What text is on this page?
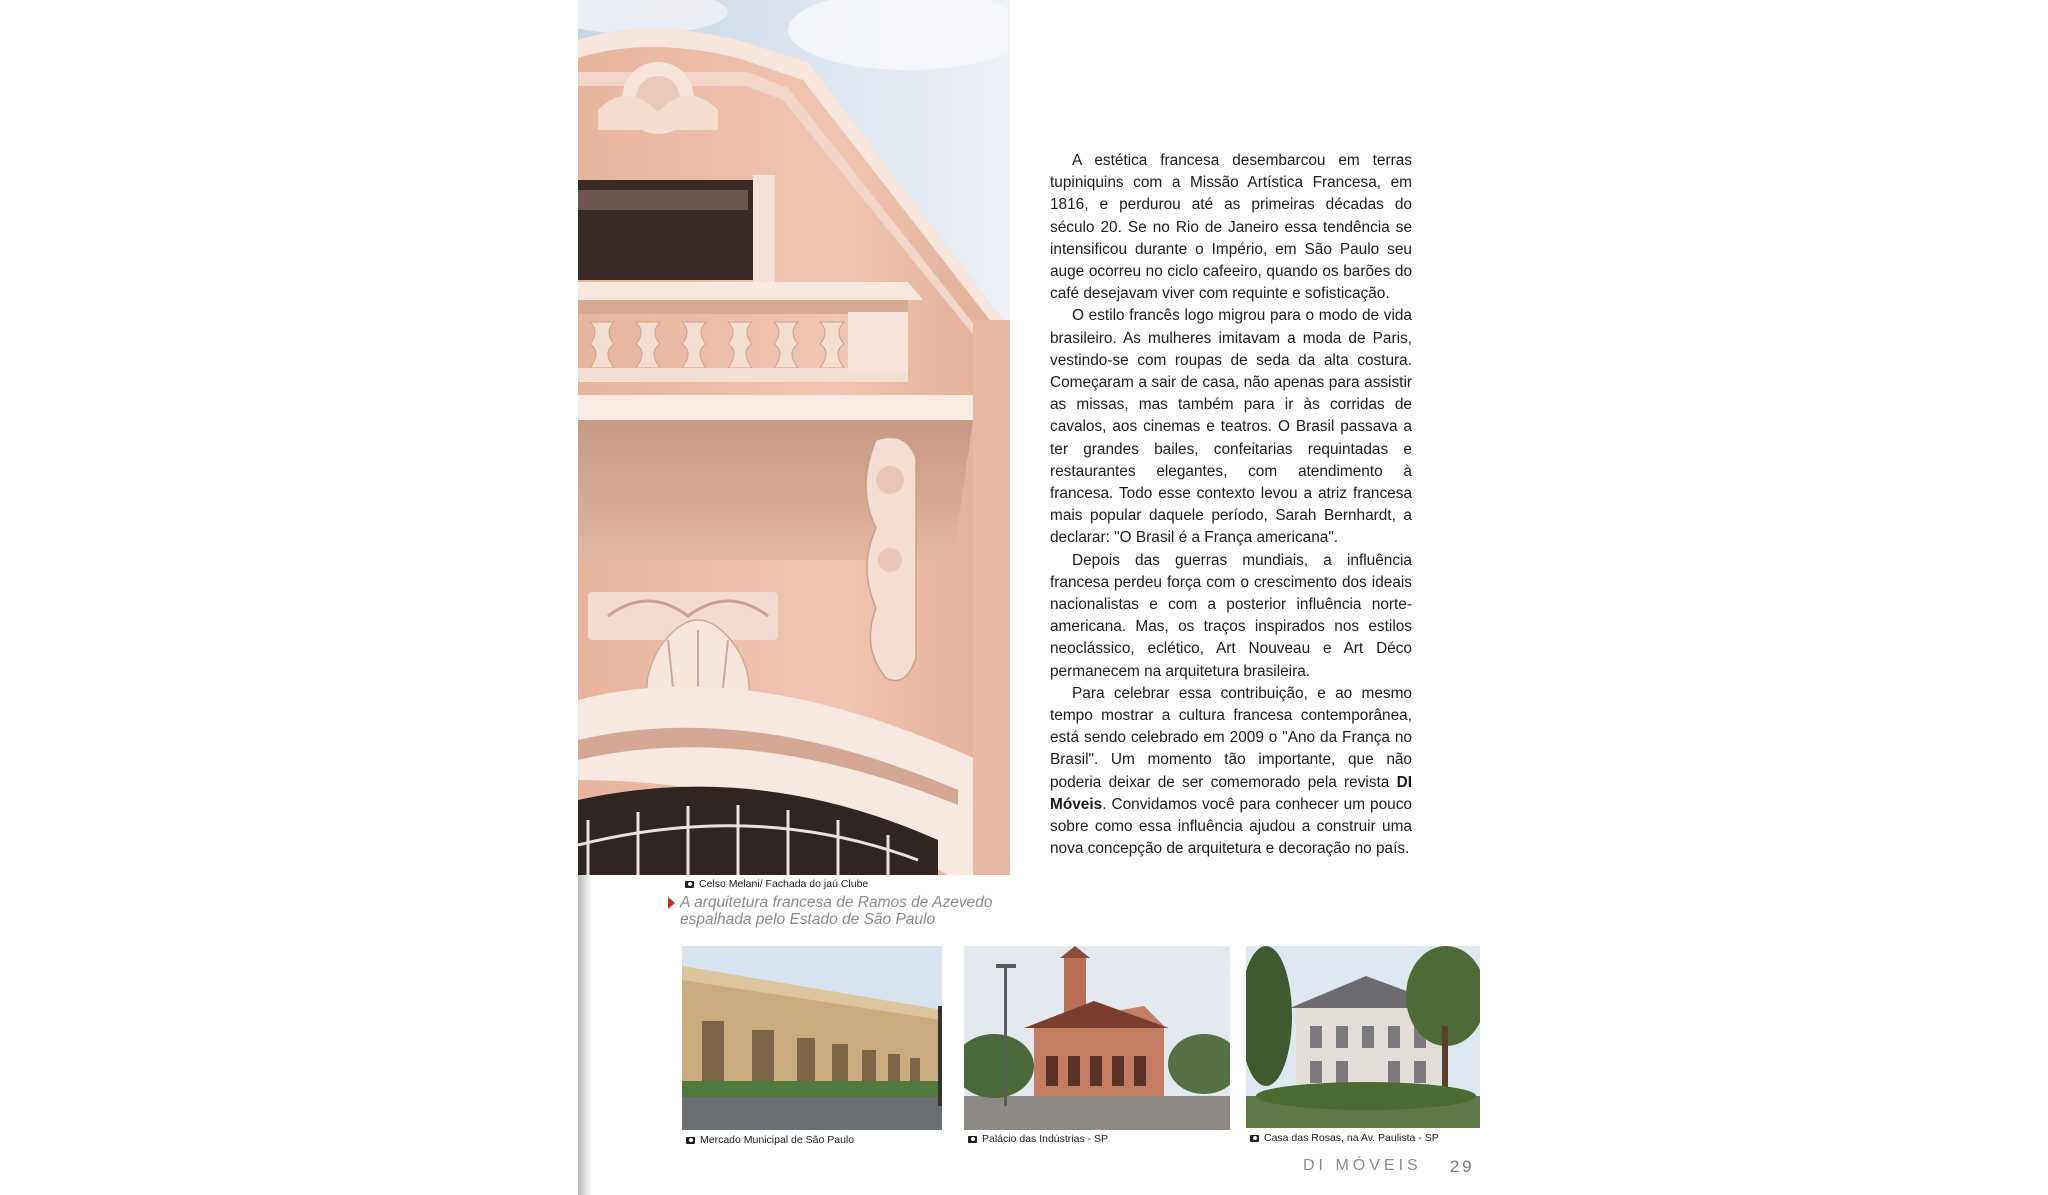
Celso Melani/ Fachada do jaú Clube
A arquitetura francesa de Ramos de Azevedo espalhada pelo Estado de São Paulo

A estética francesa desembarcou em terras tupiniquins com a Missão Artística Francesa, em 1816, e perdurou até as primeiras décadas do século 20. Se no Rio de Janeiro essa tendência se intensificou durante o Império, em São Paulo seu auge ocorreu no ciclo cafeeiro, quando os barões do café desejavam viver com requinte e sofisticação.

O estilo francês logo migrou para o modo de vida brasileiro. As mulheres imitavam a moda de Paris, vestindo-se com roupas de seda da alta costura. Começaram a sair de casa, não apenas para assistir as missas, mas também para ir às corridas de cavalos, aos cinemas e teatros. O Brasil passava a ter grandes bailes, confeitarias requintadas e restaurantes elegantes, com atendimento à francesa. Todo esse contexto levou a atriz francesa mais popular daquele período, Sarah Bernhardt, a declarar: "O Brasil é a França americana".

Depois das guerras mundiais, a influência francesa perdeu força com o crescimento dos ideais nacionalistas e com a posterior influência norte-americana. Mas, os traços inspirados nos estilos neoclássico, eclético, Art Nouveau e Art Déco permanecem na arquitetura brasileira.

Para celebrar essa contribuição, e ao mesmo tempo mostrar a cultura francesa contemporânea, está sendo celebrado em 2009 o "Ano da França no Brasil". Um momento tão importante, que não poderia deixar de ser comemorado pela revista DI Móveis. Convidamos você para conhecer um pouco sobre como essa influência ajudou a construir uma nova concepção de arquitetura e decoração no país.

Mercado Municipal de São Paulo	Palácio das Indústrias - SP	Casa das Rosas, na Av. Paulista - SP
DI MÓVEIS 29
